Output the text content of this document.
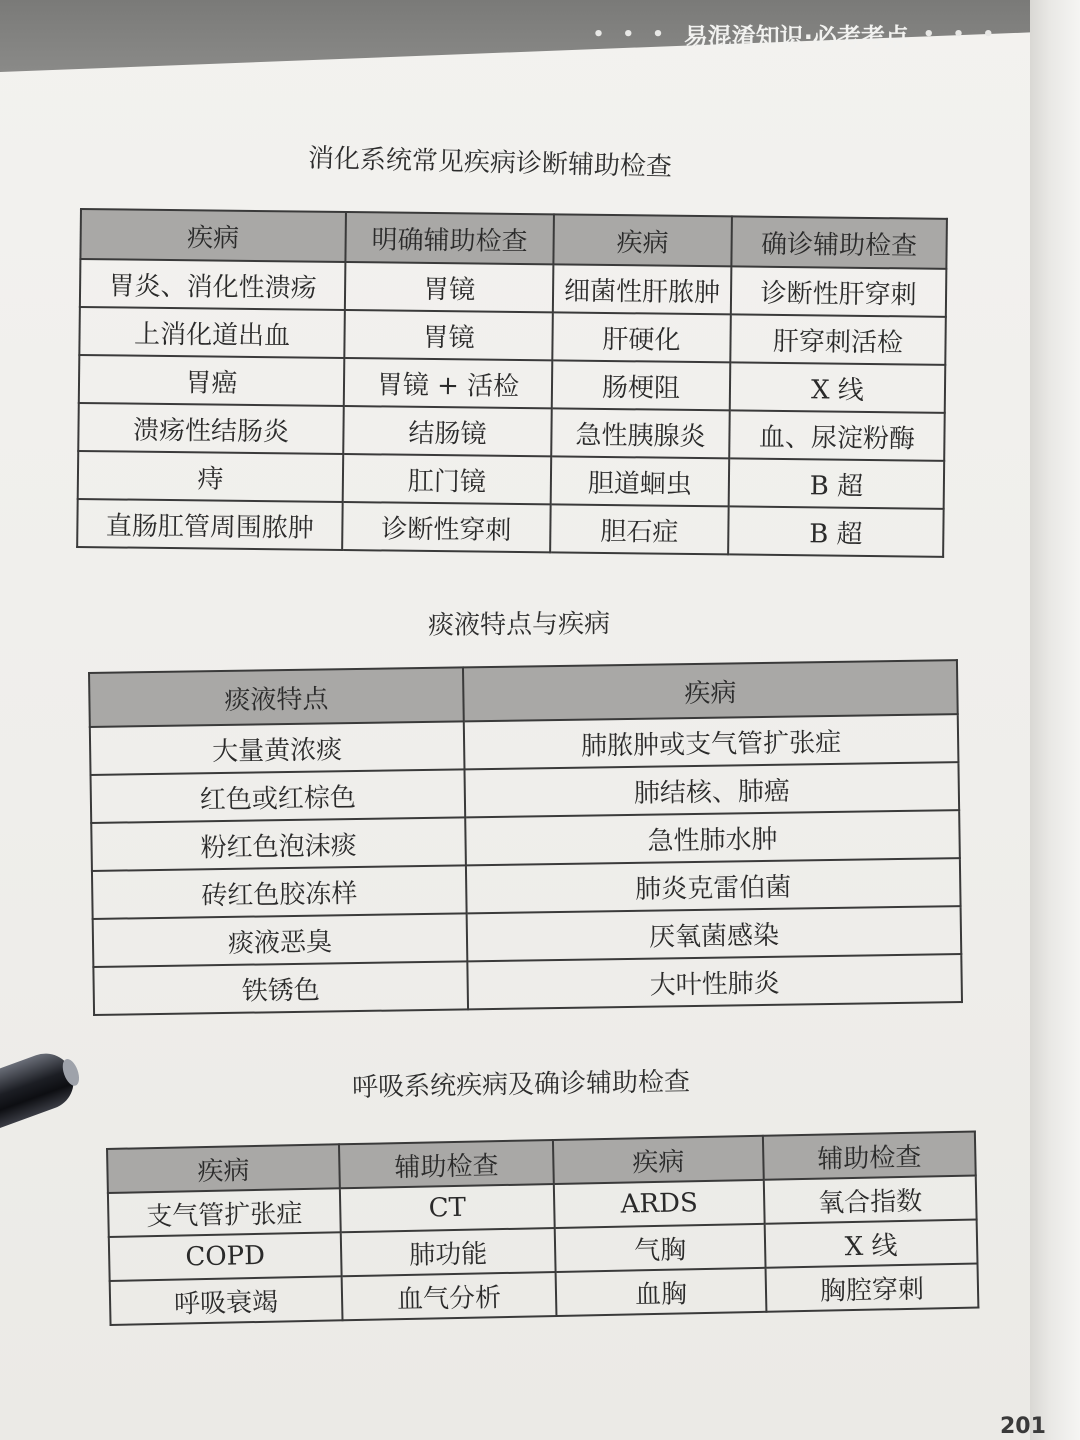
• • • 易混淆知识·必考考点 • • •
消化系统常见疾病诊断辅助检查
疾病	明确辅助检查	疾病	确诊辅助检查
胃炎、消化性溃疡	胃镜	细菌性肝脓肿	诊断性肝穿刺
上消化道出血	胃镜	肝硬化	肝穿刺活检
胃癌	胃镜 + 活检	肠梗阻	X 线
溃疡性结肠炎	结肠镜	急性胰腺炎	血、尿淀粉酶
痔	肛门镜	胆道蛔虫	B 超
直肠肛管周围脓肿	诊断性穿刺	胆石症	B 超
痰液特点与疾病
痰液特点	疾病
大量黄浓痰	肺脓肿或支气管扩张症
红色或红棕色	肺结核、肺癌
粉红色泡沫痰	急性肺水肿
砖红色胶冻样	肺炎克雷伯菌
痰液恶臭	厌氧菌感染
铁锈色	大叶性肺炎
呼吸系统疾病及确诊辅助检查
疾病	辅助检查	疾病	辅助检查
支气管扩张症	CT	ARDS	氧合指数
COPD	肺功能	气胸	X 线
呼吸衰竭	血气分析	血胸	胸腔穿刺
201
